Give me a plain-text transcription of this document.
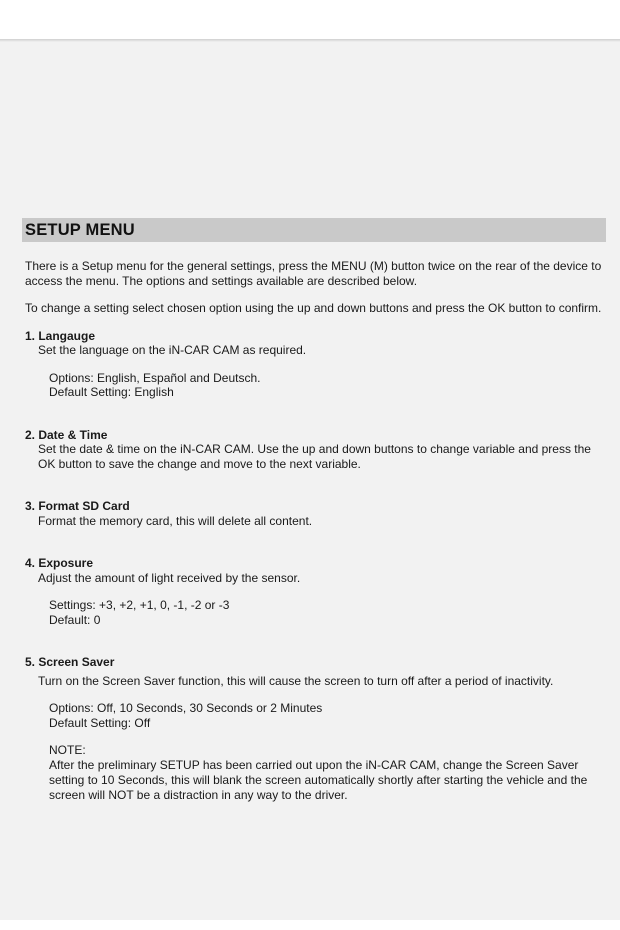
SETUP MENU

There is a Setup menu for the general settings, press the MENU (M) button twice on the rear of the device to access the menu. The options and settings available are described below.

To change a setting select chosen option using the up and down buttons and press the OK button to confirm.

1. Langauge
Set the language on the iN-CAR CAM as required.
Options: English, Español and Deutsch.
Default Setting: English
2. Date & Time
Set the date & time on the iN-CAR CAM. Use the up and down buttons to change variable and press the OK button to save the change and move to the next variable.
3. Format SD Card
Format the memory card, this will delete all content.
4. Exposure
Adjust the amount of light received by the sensor.
Settings: +3, +2, +1, 0, -1, -2 or -3
Default: 0
5. Screen Saver
Turn on the Screen Saver function, this will cause the screen to turn off after a period of inactivity.
Options: Off, 10 Seconds, 30 Seconds or 2 Minutes
Default Setting: Off
NOTE:
After the preliminary SETUP has been carried out upon the iN-CAR CAM, change the Screen Saver setting to 10 Seconds, this will blank the screen automatically shortly after starting the vehicle and the screen will NOT be a distraction in any way to the driver.
